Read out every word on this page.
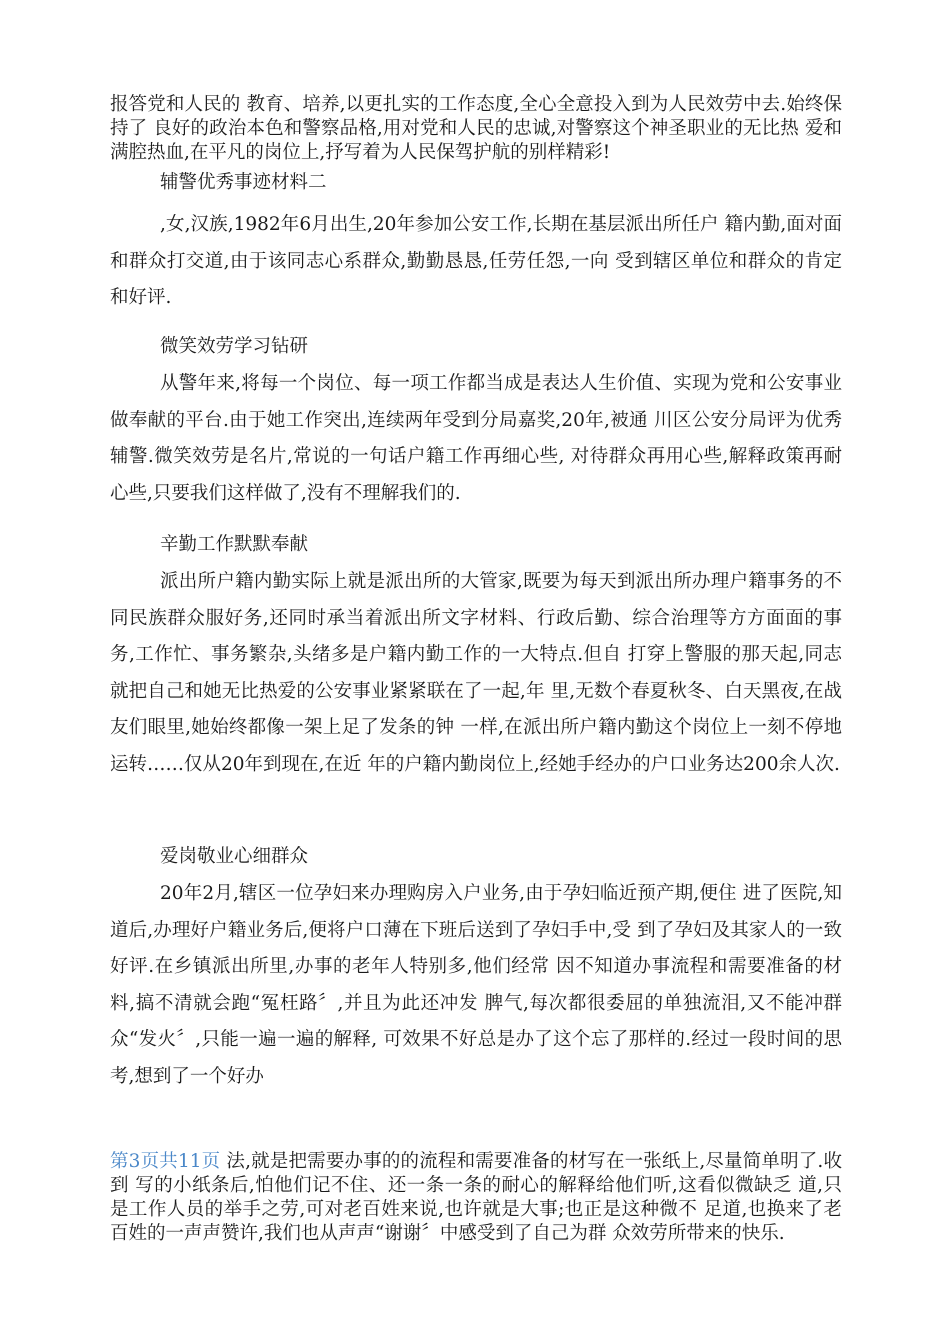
报答党和人民的 教育、培养,以更扎实的工作态度,全心全意投入到为人民效劳中去.始终保持了 良好的政治本色和警察品格,用对党和人民的忠诚,对警察这个神圣职业的无比热 爱和满腔热血,在平凡的岗位上,抒写着为人民保驾护航的别样精彩!

辅警优秀事迹材料二

,女,汉族,1982年6月出生,20年参加公安工作,长期在基层派出所任户 籍内勤,面对面和群众打交道,由于该同志心系群众,勤勤恳恳,任劳任怨,一向 受到辖区单位和群众的肯定和好评.

微笑效劳学习钻研

从警年来,将每一个岗位、每一项工作都当成是表达人生价值、实现为党和公安事业做奉献的平台.由于她工作突出,连续两年受到分局嘉奖,20年,被通 川区公安分局评为优秀辅警.微笑效劳是名片,常说的一句话户籍工作再细心些, 对待群众再用心些,解释政策再耐心些,只要我们这样做了,没有不理解我们的.

辛勤工作默默奉献

派出所户籍内勤实际上就是派出所的大管家,既要为每天到派出所办理户籍事务的不同民族群众服好务,还同时承当着派出所文字材料、行政后勤、综合治理等方方面面的事务,工作忙、事务繁杂,头绪多是户籍内勤工作的一大特点.但自 打穿上警服的那天起,同志就把自己和她无比热爱的公安事业紧紧联在了一起,年 里,无数个春夏秋冬、白天黑夜,在战友们眼里,她始终都像一架上足了发条的钟 一样,在派出所户籍内勤这个岗位上一刻不停地运转……仅从20年到现在,在近 年的户籍内勤岗位上,经她手经办的户口业务达200余人次.

爱岗敬业心细群众

20年2月,辖区一位孕妇来办理购房入户业务,由于孕妇临近预产期,便住 进了医院,知道后,办理好户籍业务后,便将户口薄在下班后送到了孕妇手中,受 到了孕妇及其家人的一致好评.在乡镇派出所里,办事的老年人特别多,他们经常 因不知道办事流程和需要准备的材料,搞不清就会跑“冤枉路〞,并且为此还冲发 脾气,每次都很委屈的单独流泪,又不能冲群众“发火〞,只能一遍一遍的解释, 可效果不好总是办了这个忘了那样的.经过一段时间的思考,想到了一个好办

第3页共11页 法,就是把需要办事的的流程和需要准备的材写在一张纸上,尽量简单明了.收到 写的小纸条后,怕他们记不住、还一条一条的耐心的解释给他们听,这看似微缺乏 道,只是工作人员的举手之劳,可对老百姓来说,也许就是大事;也正是这种微不 足道,也换来了老百姓的一声声赞许,我们也从声声“谢谢〞中感受到了自己为群 众效劳所带来的快乐.
